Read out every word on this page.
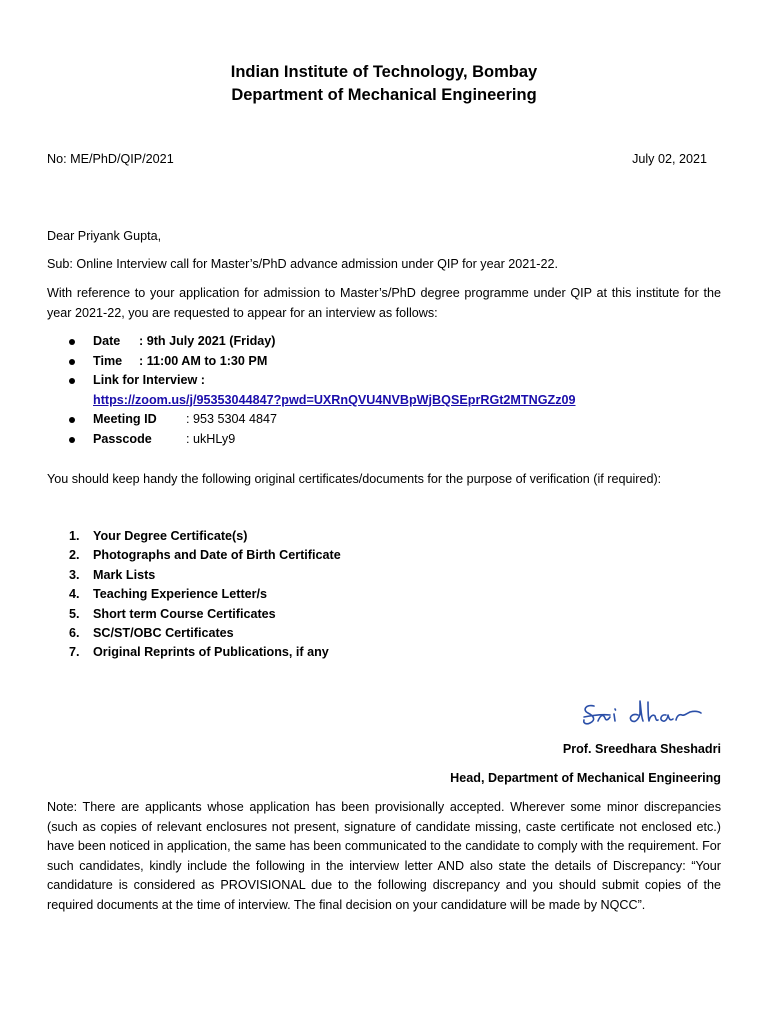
Indian Institute of Technology, Bombay
Department of Mechanical Engineering
No: ME/PhD/QIP/2021	July 02, 2021
Dear Priyank Gupta,
Sub: Online Interview call for Master’s/PhD advance admission under QIP for year 2021-22.
With reference to your application for admission to Master’s/PhD degree programme under QIP at this institute for the year 2021-22, you are requested to appear for an interview as follows:
Date : 9th July 2021 (Friday)
Time : 11:00 AM to 1:30 PM
Link for Interview :
https://zoom.us/j/95353044847?pwd=UXRnQVU4NVBpWjBQSEprRGt2MTNGZz09
Meeting ID : 953 5304 4847
Passcode	: ukHLy9
You should keep handy the following original certificates/documents for the purpose of verification (if required):
1. Your Degree Certificate(s)
2. Photographs and Date of Birth Certificate
3. Mark Lists
4. Teaching Experience Letter/s
5. Short term Course Certificates
6. SC/ST/OBC Certificates
7. Original Reprints of Publications, if any
Prof. Sreedhara Sheshadri
Head, Department of Mechanical Engineering
Note: There are applicants whose application has been provisionally accepted. Wherever some minor discrepancies (such as copies of relevant enclosures not present, signature of candidate missing, caste certificate not enclosed etc.) have been noticed in application, the same has been communicated to the candidate to comply with the requirement. For such candidates, kindly include the following in the interview letter AND also state the details of Discrepancy: “Your candidature is considered as PROVISIONAL due to the following discrepancy and you should submit copies of the required documents at the time of interview. The final decision on your candidature will be made by NQCC”.
